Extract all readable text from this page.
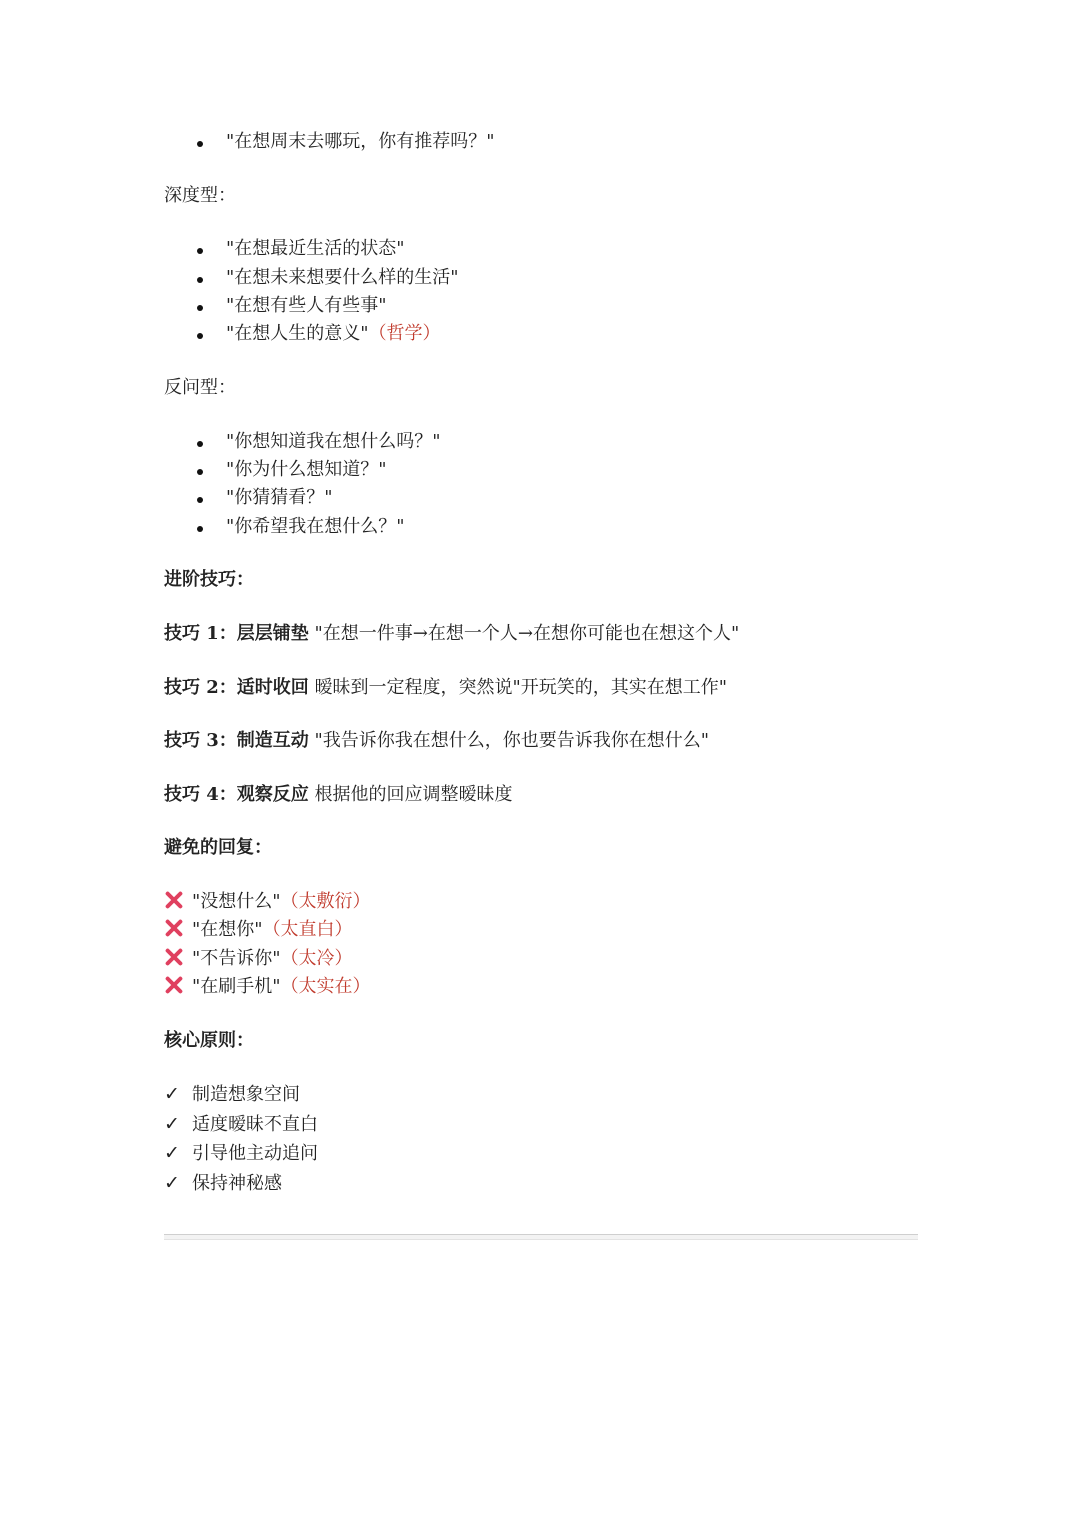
"在想周末去哪玩，你有推荐吗？"
深度型：
"在想最近生活的状态"
"在想未来想要什么样的生活"
"在想有些人有些事"
"在想人生的意义"（哲学）
反问型：
"你想知道我在想什么吗？"
"你为什么想知道？"
"你猜猜看？"
"你希望我在想什么？"
进阶技巧：
技巧 1：层层铺垫 "在想一件事→在想一个人→在想你可能也在想这个人"
技巧 2：适时收回 暧昧到一定程度，突然说"开玩笑的，其实在想工作"
技巧 3：制造互动 "我告诉你我在想什么，你也要告诉我你在想什么"
技巧 4：观察反应 根据他的回应调整暧昧度
避免的回复：
"没想什么"（太敷衍）
"在想你"（太直白）
"不告诉你"（太冷）
"在刷手机"（太实在）
核心原则：
✓ 制造想象空间
✓ 适度暧昧不直白
✓ 引导他主动追问
✓ 保持神秘感
